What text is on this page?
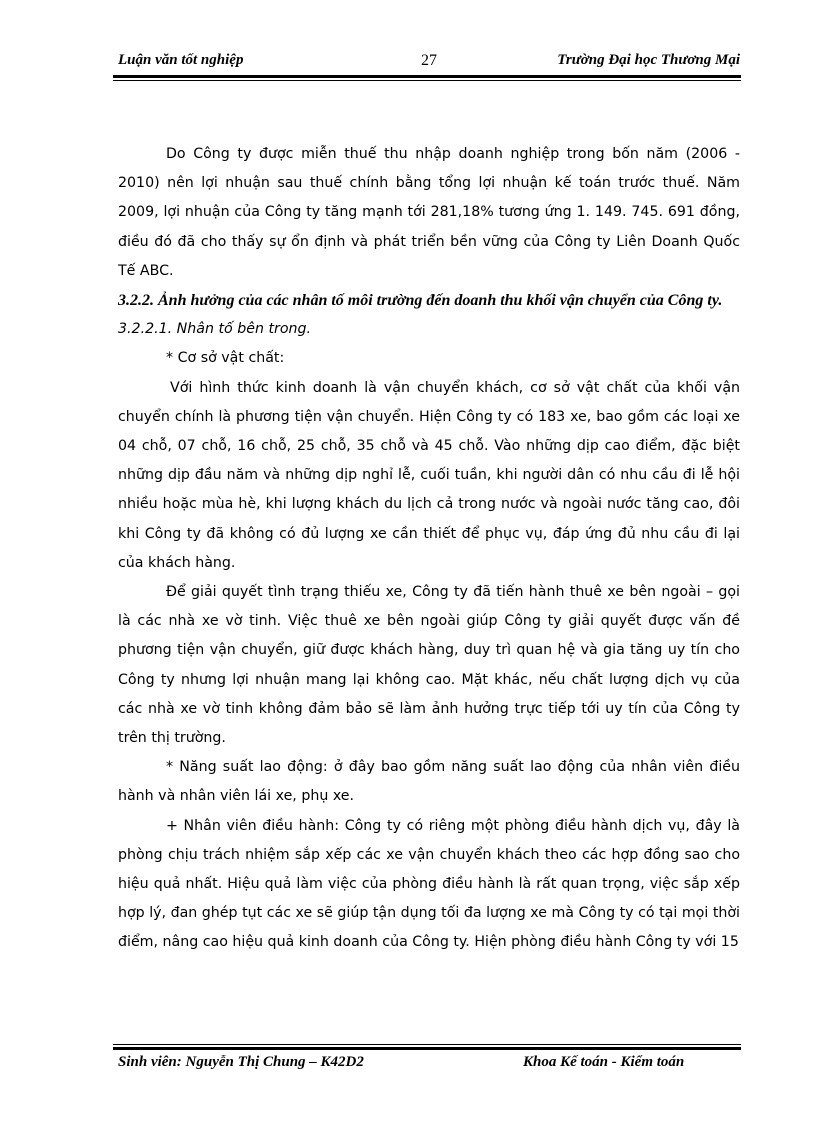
Luận văn tốt nghiệp	27	Trường Đại học Thương Mại

Do Công ty được miễn thuế thu nhập doanh nghiệp trong bốn năm (2006 - 2010) nên lợi nhuận sau thuế chính bằng tổng lợi nhuận kế toán trước thuế. Năm 2009, lợi nhuận của Công ty tăng mạnh tới 281,18% tương ứng 1. 149. 745. 691 đồng, điều đó đã cho thấy sự ổn định và phát triển bền vững của Công ty Liên Doanh Quốc Tế ABC.

3.2.2. Ảnh hưởng của các nhân tố môi trường đến doanh thu khối vận chuyển của Công ty.

3.2.2.1. Nhân tố bên trong.

* Cơ sở vật chất:

Với hình thức kinh doanh là vận chuyển khách, cơ sở vật chất của khối vận chuyển chính là phương tiện vận chuyển. Hiện Công ty có 183 xe, bao gồm các loại xe 04 chỗ, 07 chỗ, 16 chỗ, 25 chỗ, 35 chỗ và 45 chỗ. Vào những dịp cao điểm, đặc biệt những dịp đầu năm và những dịp nghỉ lễ, cuối tuần, khi người dân có nhu cầu đi lễ hội nhiều hoặc mùa hè, khi lượng khách du lịch cả trong nước và ngoài nước tăng cao, đôi khi Công ty đã không có đủ lượng xe cần thiết để phục vụ, đáp ứng đủ nhu cầu đi lại của khách hàng.

Để giải quyết tình trạng thiếu xe, Công ty đã tiến hành thuê xe bên ngoài – gọi là các nhà xe vờ tinh. Việc thuê xe bên ngoài giúp Công ty giải quyết được vấn đề phương tiện vận chuyển, giữ được khách hàng, duy trì quan hệ và gia tăng uy tín cho Công ty nhưng lợi nhuận mang lại không cao. Mặt khác, nếu chất lượng dịch vụ của các nhà xe vờ tinh không đảm bảo sẽ làm ảnh hưởng trực tiếp tới uy tín của Công ty trên thị trường.

* Năng suất lao động: ở đây bao gồm năng suất lao động của nhân viên điều hành và nhân viên lái xe, phụ xe.

+ Nhân viên điều hành: Công ty có riêng một phòng điều hành dịch vụ, đây là phòng chịu trách nhiệm sắp xếp các xe vận chuyển khách theo các hợp đồng sao cho hiệu quả nhất. Hiệu quả làm việc của phòng điều hành là rất quan trọng, việc sắp xếp hợp lý, đan ghép tụt các xe sẽ giúp tận dụng tối đa lượng xe mà Công ty có tại mọi thời điểm, nâng cao hiệu quả kinh doanh của Công ty. Hiện phòng điều hành Công ty với 15

Sinh viên: Nguyễn Thị Chung – K42D2	Khoa Kế toán - Kiểm toán
